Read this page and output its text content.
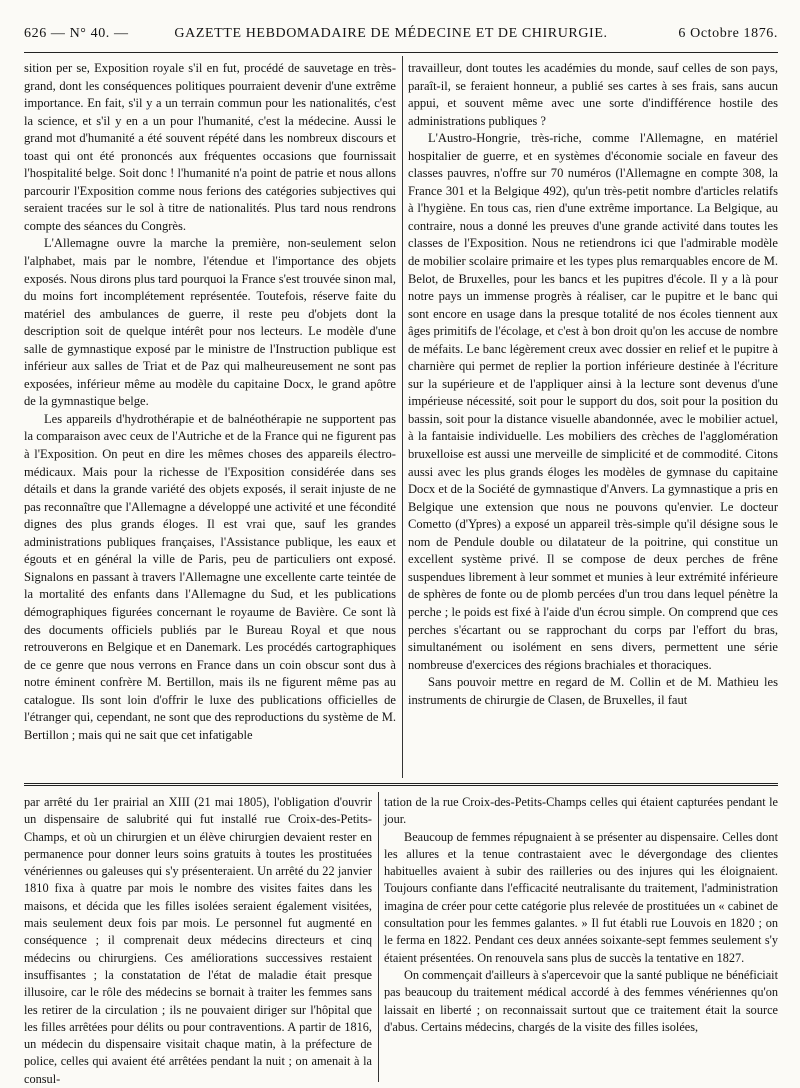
626 — N° 40. —	GAZETTE HEBDOMADAIRE DE MÉDECINE ET DE CHIRURGIE.	6 Octobre 1876.

sition per se, Exposition royale s'il en fut, procédé de sauvetage en très-grand, dont les conséquences politiques pourraient devenir d'une extrême importance. En fait, s'il y a un terrain commun pour les nationalités, c'est la science, et s'il y en a un pour l'humanité, c'est la médecine. Aussi le grand mot d'humanité a été souvent répété dans les nombreux discours et toast qui ont été prononcés aux fréquentes occasions que fournissait l'hospitalité belge. Soit donc ! l'humanité n'a point de patrie et nous allons parcourir l'Exposition comme nous ferions des catégories subjectives qui seraient tracées sur le sol à titre de nationalités. Plus tard nous rendrons compte des séances du Congrès.

L'Allemagne ouvre la marche la première, non-seulement selon l'alphabet, mais par le nombre, l'étendue et l'importance des objets exposés. Nous dirons plus tard pourquoi la France s'est trouvée sinon mal, du moins fort incomplétement représentée. Toutefois, réserve faite du matériel des ambulances de guerre, il reste peu d'objets dont la description soit de quelque intérêt pour nos lecteurs. Le modèle d'une salle de gymnastique exposé par le ministre de l'Instruction publique est inférieur aux salles de Triat et de Paz qui malheureusement ne sont pas exposées, inférieur même au modèle du capitaine Docx, le grand apôtre de la gymnastique belge.

Les appareils d'hydrothérapie et de balnéothérapie ne supportent pas la comparaison avec ceux de l'Autriche et de la France qui ne figurent pas à l'Exposition. On peut en dire les mêmes choses des appareils électro-médicaux. Mais pour la richesse de l'Exposition considérée dans ses détails et dans la grande variété des objets exposés, il serait injuste de ne pas reconnaître que l'Allemagne a développé une activité et une fécondité dignes des plus grands éloges. Il est vrai que, sauf les grandes administrations publiques françaises, l'Assistance publique, les eaux et égouts et en général la ville de Paris, peu de particuliers ont exposé. Signalons en passant à travers l'Allemagne une excellente carte teintée de la mortalité des enfants dans l'Allemagne du Sud, et les publications démographiques figurées concernant le royaume de Bavière. Ce sont là des documents officiels publiés par le Bureau Royal et que nous retrouverons en Belgique et en Danemark. Les procédés cartographiques de ce genre que nous verrons en France dans un coin obscur sont dus à notre éminent confrère M. Bertillon, mais ils ne figurent même pas au catalogue. Ils sont loin d'offrir le luxe des publications officielles de l'étranger qui, cependant, ne sont que des reproductions du système de M. Bertillon ; mais qui ne sait que cet infatigable

travailleur, dont toutes les académies du monde, sauf celles de son pays, paraît-il, se feraient honneur, a publié ses cartes à ses frais, sans aucun appui, et souvent même avec une sorte d'indifférence hostile des administrations publiques ?

L'Austro-Hongrie, très-riche, comme l'Allemagne, en matériel hospitalier de guerre, et en systèmes d'économie sociale en faveur des classes pauvres, n'offre sur 70 numéros (l'Allemagne en compte 308, la France 301 et la Belgique 492), qu'un très-petit nombre d'articles relatifs à l'hygiène. En tous cas, rien d'une extrême importance. La Belgique, au contraire, nous a donné les preuves d'une grande activité dans toutes les classes de l'Exposition. Nous ne retiendrons ici que l'admirable modèle de mobilier scolaire primaire et les types plus remarquables encore de M. Belot, de Bruxelles, pour les bancs et les pupitres d'école. Il y a là pour notre pays un immense progrès à réaliser, car le pupitre et le banc qui sont encore en usage dans la presque totalité de nos écoles tiennent aux âges primitifs de l'écolage, et c'est à bon droit qu'on les accuse de nombre de méfaits. Le banc légèrement creux avec dossier en relief et le pupitre à charnière qui permet de replier la portion inférieure destinée à l'écriture sur la supérieure et de l'appliquer ainsi à la lecture sont devenus d'une impérieuse nécessité, soit pour le support du dos, soit pour la position du bassin, soit pour la distance visuelle abandonnée, avec le mobilier actuel, à la fantaisie individuelle. Les mobiliers des crèches de l'agglomération bruxelloise est aussi une merveille de simplicité et de commodité. Citons aussi avec les plus grands éloges les modèles de gymnase du capitaine Docx et de la Société de gymnastique d'Anvers. La gymnastique a pris en Belgique une extension que nous ne pouvons qu'envier. Le docteur Cometto (d'Ypres) a exposé un appareil très-simple qu'il désigne sous le nom de Pendule double ou dilatateur de la poitrine, qui constitue un excellent système privé. Il se compose de deux perches de frêne suspendues librement à leur sommet et munies à leur extrémité inférieure de sphères de fonte ou de plomb percées d'un trou dans lequel pénètre la perche ; le poids est fixé à l'aide d'un écrou simple. On comprend que ces perches s'écartant ou se rapprochant du corps par l'effort du bras, simultanément ou isolément en sens divers, permettent une série nombreuse d'exercices des régions brachiales et thoraciques.

Sans pouvoir mettre en regard de M. Collin et de M. Mathieu les instruments de chirurgie de Clasen, de Bruxelles, il faut

par arrêté du 1er prairial an XIII (21 mai 1805), l'obligation d'ouvrir un dispensaire de salubrité qui fut installé rue Croix-des-Petits-Champs, et où un chirurgien et un élève chirurgien devaient rester en permanence pour donner leurs soins gratuits à toutes les prostituées vénériennes ou galeuses qui s'y présenteraient. Un arrêté du 22 janvier 1810 fixa à quatre par mois le nombre des visites faites dans les maisons, et décida que les filles isolées seraient également visitées, mais seulement deux fois par mois. Le personnel fut augmenté en conséquence ; il comprenait deux médecins directeurs et cinq médecins ou chirurgiens. Ces améliorations successives restaient insuffisantes ; la constatation de l'état de maladie était presque illusoire, car le rôle des médecins se bornait à traiter les femmes sans les retirer de la circulation ; ils ne pouvaient diriger sur l'hôpital que les filles arrêtées pour délits ou pour contraventions. A partir de 1816, un médecin du dispensaire visitait chaque matin, à la préfecture de police, celles qui avaient été arrêtées pendant la nuit ; on amenait à la consul-

tation de la rue Croix-des-Petits-Champs celles qui étaient capturées pendant le jour.

Beaucoup de femmes répugnaient à se présenter au dispensaire. Celles dont les allures et la tenue contrastaient avec le dévergondage des clientes habituelles avaient à subir des railleries ou des injures qui les éloignaient. Toujours confiante dans l'efficacité neutralisante du traitement, l'administration imagina de créer pour cette catégorie plus relevée de prostituées un « cabinet de consultation pour les femmes galantes. » Il fut établi rue Louvois en 1820 ; on le ferma en 1822. Pendant ces deux années soixante-sept femmes seulement s'y étaient présentées. On renouvela sans plus de succès la tentative en 1827.

On commençait d'ailleurs à s'apercevoir que la santé publique ne bénéficiait pas beaucoup du traitement médical accordé à des femmes vénériennes qu'on laissait en liberté ; on reconnaissait surtout que ce traitement était la source d'abus. Certains médecins, chargés de la visite des filles isolées,
